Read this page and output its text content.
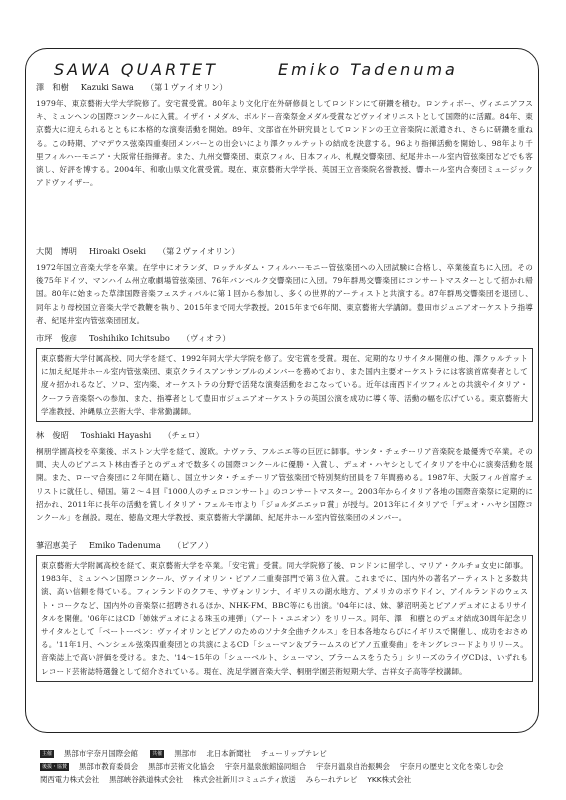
SAWA QUARTET	Emiko Tadenuma
澤　和樹 Kazuki Sawa （第１ヴァイオリン）
1979年、東京藝術大学大学院修了。安宅賞受賞。80年より文化庁在外研修員としてロンドンにて研鑽を積む。ロンティボー、ヴィエニアフスキ、ミュンヘンの国際コンクールに入賞。イザイ・メダル、ボルドー音楽祭金メダル受賞などヴァイオリニストとして国際的に活躍。84年、東京藝大に迎えられるとともに本格的な演奏活動を開始。89年、文部省在外研究員としてロンドンの王立音楽院に派遣され、さらに研鑽を重ねる。この時期、アマデウス弦楽四重奏団メンバーとの出会いにより澤クヮルテットの結成を決意する。96より指揮活動を開始し、98年より千里フィルハーモニア・大阪常任指揮者。また、九州交響楽団、東京フィル、日本フィル、札幌交響楽団、紀尾井ホール室内管弦楽団などでも客演し、好評を博する。2004年、和歌山県文化賞受賞。現在、東京藝術大学学長、英国王立音楽院名誉教授、響ホール室内合奏団ミュージックアドヴァイザー。
大関　博明 Hiroaki Oseki （第２ヴァイオリン）
1972年国立音楽大学を卒業。在学中にオランダ、ロッテルダム・フィルハーモニー管弦楽団への入団試験に合格し、卒業後直ちに入団。その後75年ドイツ、マンハイム州立歌劇場管弦楽団、76年バンベルク交響楽団に入団。79年群馬交響楽団にコンサートマスターとして招かれ帰国。80年に始まった草津国際音楽フェスティバルに第１回から参加し、多くの世界的アーティストと共演する。87年群馬交響楽団を退団し、同年より母校国立音楽大学で教鞭を執り、2015年まで同大学教授。2015年まで6年間、東京藝術大学講師。豊田市ジュニアオーケストラ指導者、紀尾井室内管弦楽団団友。
市坪　俊彦 Toshihiko Ichitsubo （ヴィオラ）
東京藝術大学付属高校、同大学を経て、1992年同大学大学院を修了。安宅賞を受賞。現在、定期的なリサイタル開催の他、澤クヮルテットに加え紀尾井ホール室内管弦楽団、東京クライスアンサンブルのメンバーを務めており、また国内主要オーケストラには客演首席奏者として度々招かれるなど、ソロ、室内楽、オーケストラの分野で活発な演奏活動をおこなっている。近年は南西ドイツフィルとの共演やイタリア・クーフラ音楽祭への参加、また、指導者として豊田市ジュニアオーケストラの英国公演を成功に導く等、活動の幅を広げている。東京藝術大学准教授、沖縄県立芸術大学、非常勤講師。
林　俊昭 Toshiaki Hayashi （チェロ）
桐朋学園高校を卒業後、ボストン大学を経て、渡欧。ナヴァラ、フルニエ等の巨匠に師事。サンタ・チェチーリア音楽院を最優秀で卒業。その間、夫人のピアニスト林由香子とのデュオで数多くの国際コンクールに優勝・入賞し、デュオ・ハヤシとしてイタリアを中心に演奏活動を展開。また、ローマ合奏団に２年間在籍し、国立サンタ・チェチーリア管弦楽団で特別契約団員を７年間務める。1987年、大阪フィル首席チェリストに就任し、帰国。第２～４回『1000人のチェロコンサート』のコンサートマスター。2003年からイタリア各地の国際音楽祭に定期的に招かれ、2011年に長年の活動を賞しイタリア・フェルモ市より「ジョルダニエッロ賞」が授与。2013年にイタリアで「デュオ・ハヤシ国際コンクール」を創設。現在、徳島文理大学教授、東京藝術大学講師、紀尾井ホール室内管弦楽団のメンバー。
蓼沼恵美子 Emiko Tadenuma （ピアノ）
東京藝術大学附属高校を経て、東京藝術大学を卒業。「安宅賞」受賞。同大学院修了後、ロンドンに留学し、マリア・クルチョ女史に師事。1983年、ミュンヘン国際コンクール、ヴァイオリン・ピアノ二重奏部門で第３位入賞。これまでに、国内外の著名アーティストと多数共演、高い信頼を得ている。フィンランドのクフモ、サヴォンリンナ、イギリスの湖水地方、アメリカのボウドイン、アイルランドのウェスト・コークなど、国内外の音楽祭に招聘されるほか、NHK-FM、BBC等にも出演。'04年には、妹、蓼沼明美とピアノデュオによるリサイタルを開催。'06年にはCD「姉妹デュオによる珠玉の連弾」（アート・ユニオン）をリリース。同年、澤　和樹とのデュオ結成30周年記念リサイタルとして「ベートーベン：ヴァイオリンとピアノのためのソナタ全曲チクルス」を日本各地ならびにイギリスで開催し、成功をおさめる。'11年1月、ヘンシェル弦楽四重奏団との共演によるCD「シューマン＆ブラームスのピアノ五重奏曲」をキングレコードよりリリース。音楽誌上で高い評価を受ける。また、'14～15年の「シューベルト、シューマン、ブラームスをうたう」シリーズのライヴCDは、いずれもレコード芸術誌特選盤として紹介されている。現在、洗足学園音楽大学、桐朋学園芸術短期大学、吉祥女子高等学校講師。
主催 黒部市宇奈月国際会館	共催 黒部市 北日本新聞社 チューリップテレビ
後援・協賛 黒部市教育委員会 黒部市芸術文化協会 宇奈月温泉旅館協同組合 宇奈月温泉自治振興会 宇奈月の歴史と文化を楽しむ会
関西電力株式会社 黒部峡谷鉄道株式会社 株式会社新川コミュニティ放送 みらーれテレビ YKK株式会社
